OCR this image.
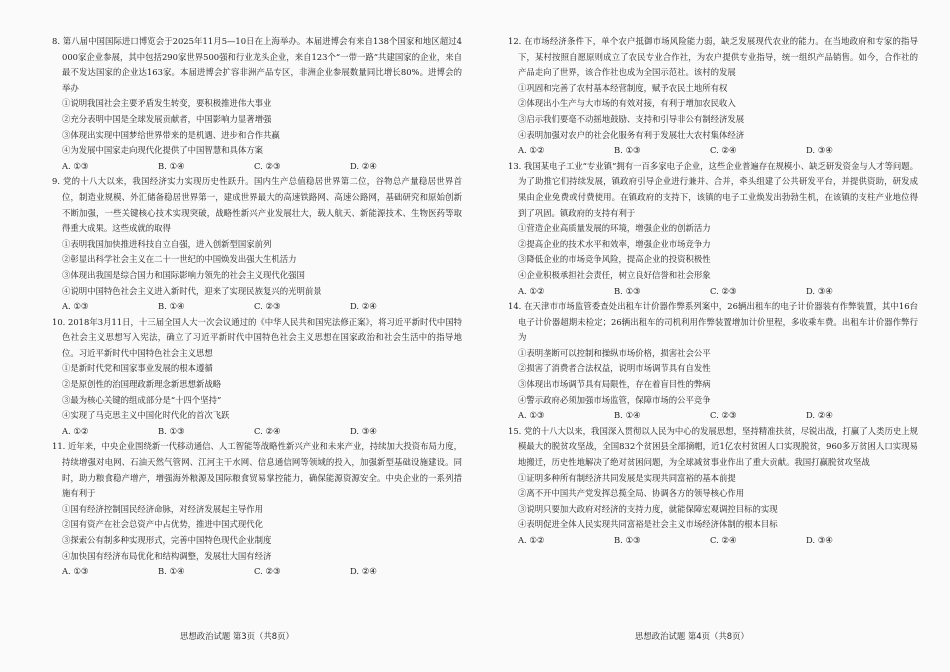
8. 第八届中国国际进口博览会于2025年11月5—10日在上海举办。本届进博会有来自138个国家和地区超过4000家企业参展，其中包括290家世界500强和行业龙头企业，来自123个“一带一路”共建国家的企业，来自最不发达国家的企业达163家。本届进博会扩容非洲产品专区，非洲企业参展数量同比增长80%。进博会的举办
①说明我国社会主要矛盾发生转变，要积极推进伟大事业
②充分表明中国是全球发展贡献者，中国影响力显著增强
③体现出实现中国梦给世界带来的是机遇、进步和合作共赢
④为发展中国家走向现代化提供了中国智慧和具体方案
A. ①③	B. ①④	C. ②③	D. ②④
9. 党的十八大以来，我国经济实力实现历史性跃升。国内生产总值稳居世界第二位，谷物总产量稳居世界首位，制造业规模、外汇储备稳居世界第一，建成世界最大的高速铁路网、高速公路网，基础研究和原始创新不断加强，一些关键核心技术实现突破，战略性新兴产业发展壮大，载人航天、新能源技术、生物医药等取得重大成果。这些成就的取得
①表明我国加快推进科技自立自强，进入创新型国家前列
②彰显出科学社会主义在二十一世纪的中国焕发出强大生机活力
③体现出我国是综合国力和国际影响力领先的社会主义现代化强国
④说明中国特色社会主义进入新时代，迎来了实现民族复兴的光明前景
A. ①③	B. ①④	C. ②③	D. ②④
10. 2018年3月11日，十三届全国人大一次会议通过的《中华人民共和国宪法修正案》，将习近平新时代中国特色社会主义思想写入宪法，确立了习近平新时代中国特色社会主义思想在国家政治和社会生活中的指导地位。习近平新时代中国特色社会主义思想
①是新时代党和国家事业发展的根本遵循
②是原创性的治国理政新理念新思想新战略
③最为核心关键的组成部分是“十四个坚持”
④实现了马克思主义中国化时代化的首次飞跃
A. ①②	B. ①③	C. ②④	D. ③④
11. 近年来，中央企业围绕新一代移动通信、人工智能等战略性新兴产业和未来产业，持续加大投资布局力度，持续增强对电网、石油天然气管网、江河主干水网、信息通信网等领域的投入，加强新型基础设施建设。同时，助力粮食稳产增产，增强海外粮源及国际粮食贸易掌控能力，确保能源资源安全。中央企业的一系列措施有利于
①国有经济控制国民经济命脉，对经济发展起主导作用
②国有资产在社会总资产中占优势，推进中国式现代化
③探索公有制多种实现形式，完善中国特色现代企业制度
④加快国有经济布局优化和结构调整，发展壮大国有经济
A. ①③	B. ①④	C. ②③	D. ②④
12. 在市场经济条件下，单个农户抵御市场风险能力弱，缺乏发展现代农业的能力。在当地政府和专家的指导下，某村按照自愿原则成立了农民专业合作社，为农户提供专业指导，统一组织产品销售。如今，合作社的产品走向了世界，该合作社也成为全国示范社。该村的发展
①巩固和完善了农村基本经营制度，赋予农民土地所有权
②体现出小生产与大市场的有效对接，有利于增加农民收入
③启示我们要毫不动摇地鼓励、支持和引导非公有制经济发展
④表明加强对农户的社会化服务有利于发展壮大农村集体经济
A. ①②	B. ①③	C. ②④	D. ③④
13. 我国某电子工业“专业镇”拥有一百多家电子企业，这些企业普遍存在规模小、缺乏研发资金与人才等问题。为了助推它们持续发展，镇政府引导企业进行兼并、合并，牵头组建了公共研发平台，并提供资助，研发成果由企业免费或付费使用。在镇政府的支持下，该镇的电子工业焕发出勃勃生机，在该镇的支柱产业地位得到了巩固。镇政府的支持有利于
①营造企业高质量发展的环境，增强企业的创新活力
②提高企业的技术水平和效率，增强企业市场竞争力
③降低企业的市场竞争风险，提高企业的投资积极性
④企业积极承担社会责任，树立良好信誉和社会形象
A. ①②	B. ①③	C. ②③	D. ③④
14. 在天津市市场监管委查处出租车计价器作弊系列案中，26辆出租车的电子计价器装有作弊装置，其中16台电子计价器超期未检定；26辆出租车的司机利用作弊装置增加计价里程，多收乘车费。出租车计价器作弊行为
①表明垄断可以控制和操纵市场价格，损害社会公平
②损害了消费者合法权益，说明市场调节具有自发性
③体现出市场调节具有局限性，存在着盲目性的弊病
④警示政府必须加强市场监管，保障市场的公平竞争
A. ①③	B. ①④	C. ②③	D. ②④
15. 党的十八大以来，我国深入贯彻以人民为中心的发展思想，坚持精准扶贫，尽锐出战，打赢了人类历史上规模最大的脱贫攻坚战，全国832个贫困县全部摘帽，近1亿农村贫困人口实现脱贫，960多万贫困人口实现易地搬迁，历史性地解决了绝对贫困问题，为全球减贫事业作出了重大贡献。我国打赢脱贫攻坚战
①证明多种所有制经济共同发展是实现共同富裕的基本前提
②离不开中国共产党发挥总揽全局、协调各方的领导核心作用
③说明只要加大政府对经济的支持力度，就能保障宏观调控目标的实现
④表明促进全体人民实现共同富裕是社会主义市场经济体制的根本目标
A. ①②	B. ①③	C. ②④	D. ③④
思想政治试题 第3页（共8页）	思想政治试题 第4页（共8页）
